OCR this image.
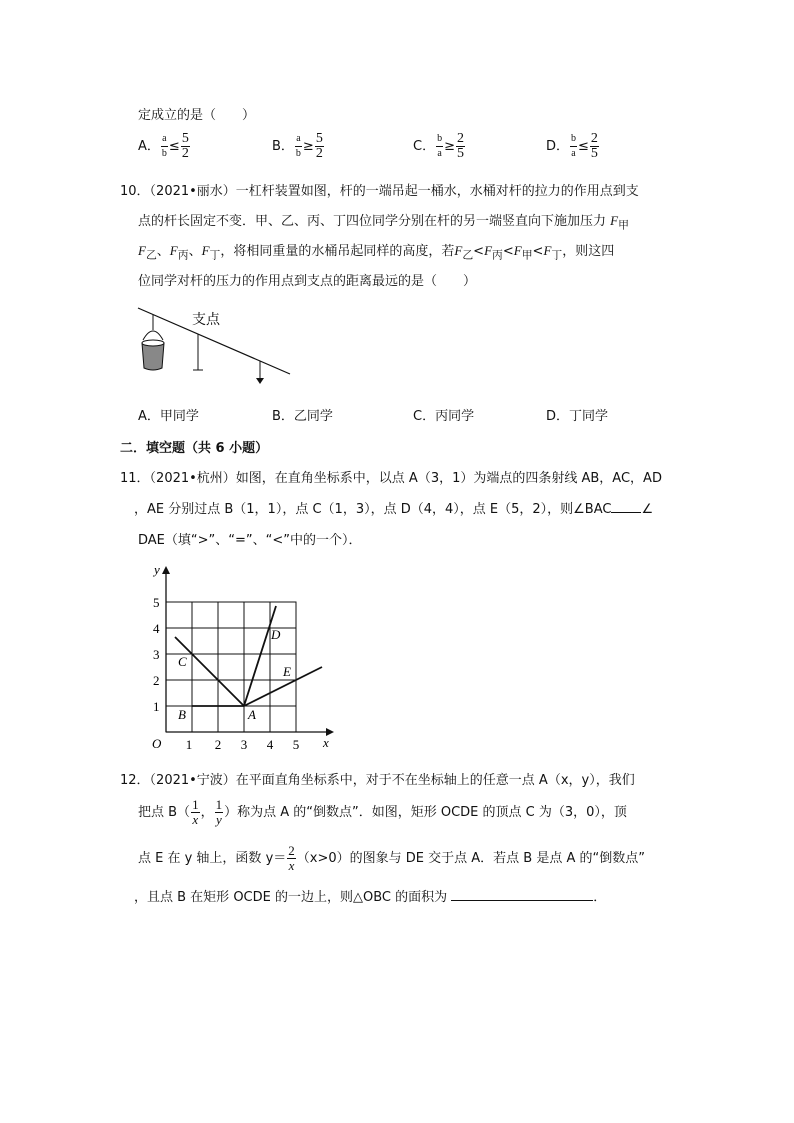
定成立的是（　　）
A． $\frac{a}{b} \le \frac{5}{2}$	B． $\frac{a}{b} \ge \frac{5}{2}$	C． $\frac{b}{a} \ge \frac{2}{5}$	D． $\frac{b}{a} \le \frac{2}{5}$
10．（2021•丽水）一杠杆装置如图，杆的一端吊起一桶水，水桶对杆的拉力的作用点到支
点的杆长固定不变．甲、乙、丙、丁四位同学分别在杆的另一端竖直向下施加压力 $F_甲$
$F_乙$、$F_丙$、$F_丁$，将相同重量的水桶吊起同样的高度，若$F_乙<F_丙<F_甲<F_丁$，则这四
位同学对杆的压力的作用点到支点的距离最远的是（　　）
支点
A．甲同学	B．乙同学	C．丙同学	D．丁同学
二．填空题（共 6 小题）
11．（2021•杭州）如图，在直角坐标系中，以点 A（3，1）为端点的四条射线 AB，AC，AD
，AE 分别过点 B（1，1），点 C（1，3），点 D（4，4），点 E（5，2），则∠BAC ∠
DAE（填“>”、“=”、“<”中的一个）．
1 2 3 4 5
1
2
3
4
5
O	x
y
A
B
C
D
E
12．（2021•宁波）在平面直角坐标系中，对于不在坐标轴上的任意一点 A（x，y），我们
把点 $B( \frac{1}{x}$ ， $\frac{1}{y}$ ）称为点 A 的“倒数点”．如图，矩形 OCDE 的顶点 C 为（3，0），顶
点 E 在 y 轴上，函数 $y= \frac{2}{x} (x>0)$的图象与 DE 交于点 A．若点 B 是点 A 的“倒数点”
，且点 B 在矩形 OCDE 的一边上，则△OBC 的面积为	．
